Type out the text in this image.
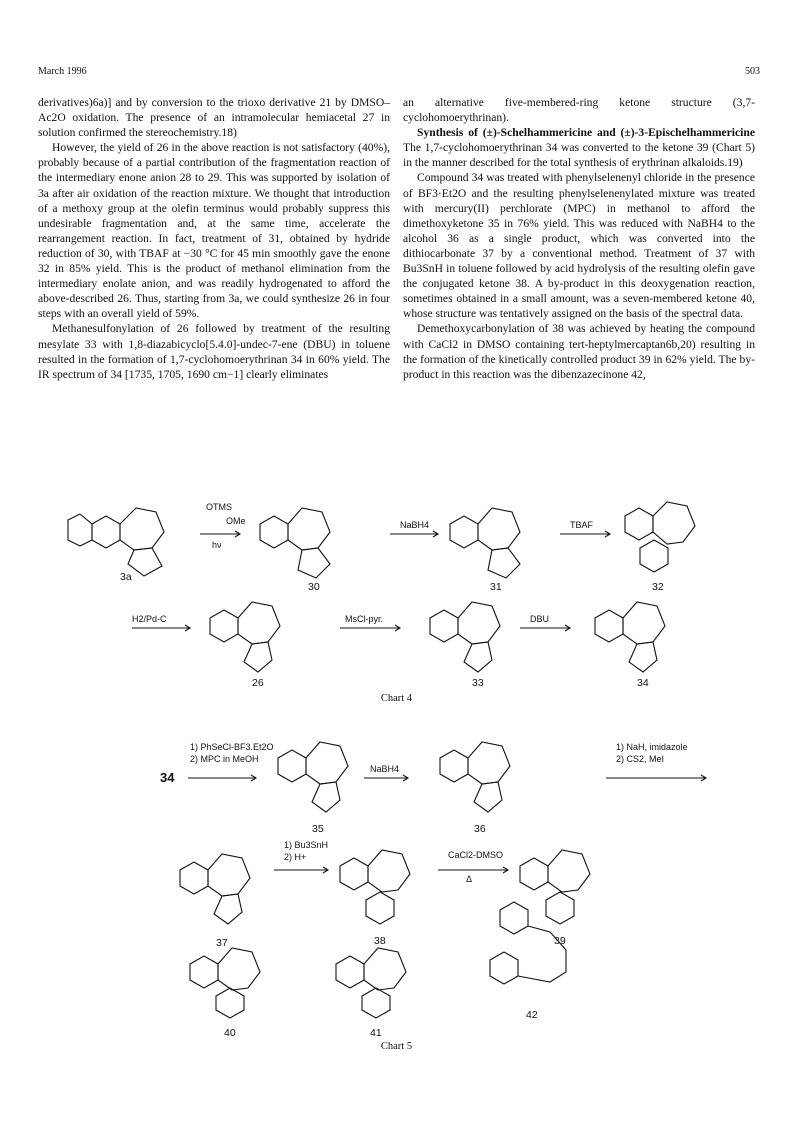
March 1996	503

derivatives)6a)] and by conversion to the trioxo derivative 21 by DMSO–Ac2O oxidation. The presence of an intramolecular hemiacetal 27 in solution confirmed the stereochemistry.18)

However, the yield of 26 in the above reaction is not satisfactory (40%), probably because of a partial contribution of the fragmentation reaction of the intermediary enone anion 28 to 29. This was supported by isolation of 3a after air oxidation of the reaction mixture. We thought that introduction of a methoxy group at the olefin terminus would probably suppress this undesirable fragmentation and, at the same time, accelerate the rearrangement reaction. In fact, treatment of 31, obtained by hydride reduction of 30, with TBAF at −30 °C for 45 min smoothly gave the enone 32 in 85% yield. This is the product of methanol elimination from the intermediary enolate anion, and was readily hydrogenated to afford the above-described 26. Thus, starting from 3a, we could synthesize 26 in four steps with an overall yield of 59%.

Methanesulfonylation of 26 followed by treatment of the resulting mesylate 33 with 1,8-diazabicyclo[5.4.0]-undec-7-ene (DBU) in toluene resulted in the formation of 1,7-cyclohomoerythrinan 34 in 60% yield. The IR spectrum of 34 [1735, 1705, 1690 cm−1] clearly eliminates

an alternative five-membered-ring ketone structure (3,7-cyclohomoerythrinan).

Synthesis of (±)-Schelhammericine and (±)-3-Epischelhammericine The 1,7-cyclohomoerythrinan 34 was converted to the ketone 39 (Chart 5) in the manner described for the total synthesis of erythrinan alkaloids.19)

Compound 34 was treated with phenylselenenyl chloride in the presence of BF3·Et2O and the resulting phenylselenenylated mixture was treated with mercury(II) perchlorate (MPC) in methanol to afford the dimethoxyketone 35 in 76% yield. This was reduced with NaBH4 to the alcohol 36 as a single product, which was converted into the dithiocarbonate 37 by a conventional method. Treatment of 37 with Bu3SnH in toluene followed by acid hydrolysis of the resulting olefin gave the conjugated ketone 38. A by-product in this deoxygenation reaction, sometimes obtained in a small amount, was a seven-membered ketone 40, whose structure was tentatively assigned on the basis of the spectral data.

Demethoxycarbonylation of 38 was achieved by heating the compound with CaCl2 in DMSO containing tert-heptylmercaptan6b,20) resulting in the formation of the kinetically controlled product 39 in 62% yield. The by-product in this reaction was the dibenzazecinone 42,

OTMS
OMe
hν
NaBH4	TBAF
H2/Pd-C	MsCl-pyr.	DBU
3a
30	31	32
26	33	34
Chart 4
1) PhSeCl-BF3.Et2O
2) MPC in MeOH
NaBH4
1) NaH, imidazole
2) CS2, MeI
1) Bu3SnH
2) H+	CaCl2-DMSO
Δ
34
35	36
37	38	39
40	41
42
Chart 5
